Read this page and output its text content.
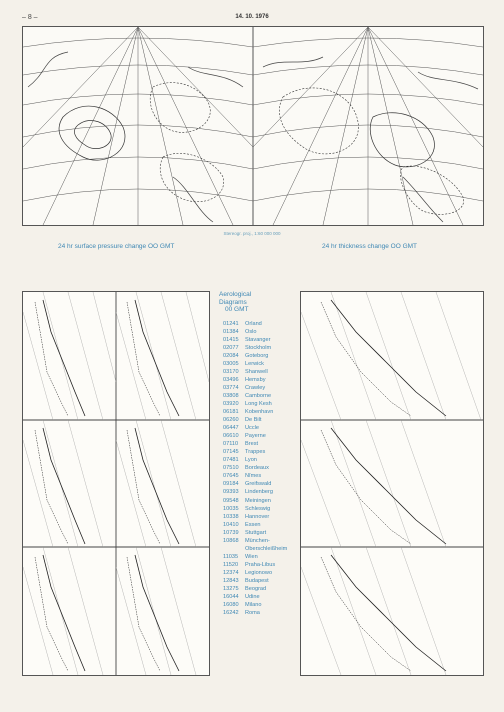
– 8 –	14. 10. 1976
Stereogr. proj., 1:60 000 000
24 hr surface pressure change OO GMT	24 hr thickness change OO GMT
Aerological
Diagrams
00 GMT
01241	Orland
01384	Oslo
01415	Stavanger
02077	Stockholm
02084	Goteborg
03005	Lerwick
03170	Shanwell
03496	Hemsby
03774	Crawley
03808	Camborne
03920	Long Kesh
06181	Kobenhavn
06260	De Bilt
06447	Uccle
06610	Payerne
07110	Brest
07145	Trappes
07481	Lyon
07510	Bordeaux
07645	Nîmes
09184	Greifswald
09393	Lindenberg
09548	Meiningen
10035	Schleswig
10338	Hannover
10410	Essen
10739	Stuttgart
10868	München-
Oberschleißheim
11035	Wien
11520	Praha-Libus
12374	Legionowo
12843	Budapest
13275	Beograd
16044	Udine
16080	Milano
16242	Roma
